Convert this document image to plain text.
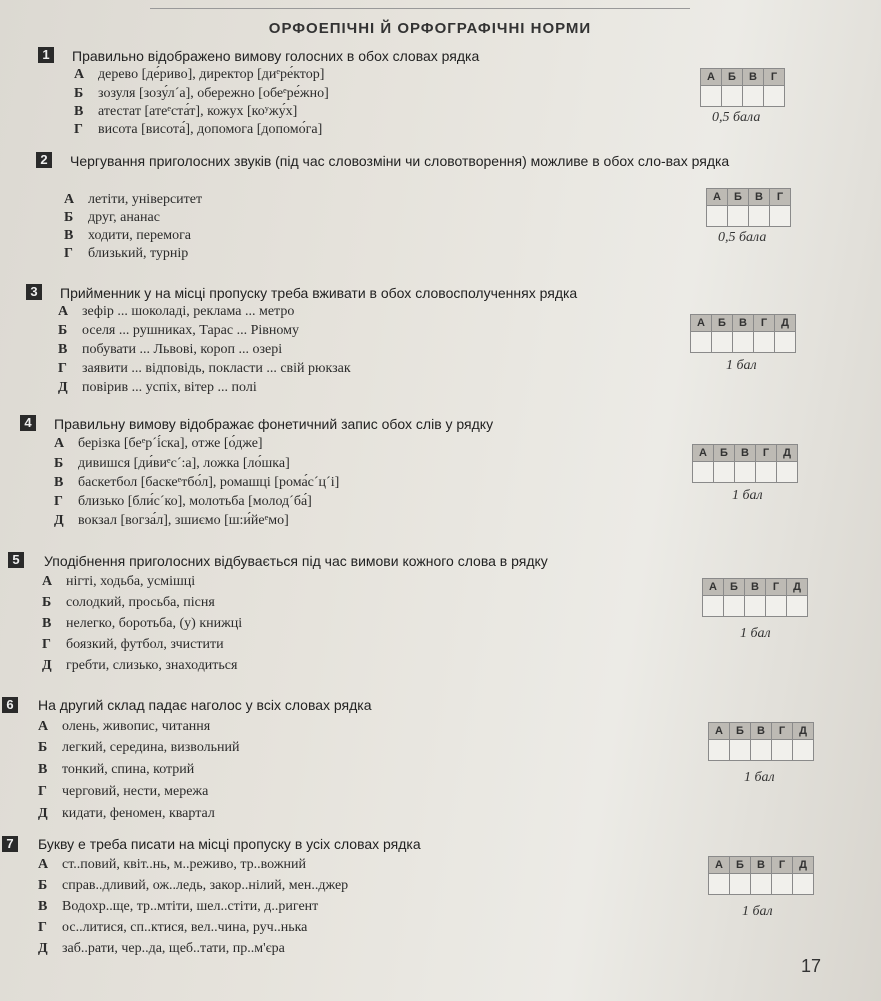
ОРФОЕПІЧНІ Й ОРФОГРАФІЧНІ НОРМИ
1	Правильно відображено вимову голосних в обох словах рядка
А дерево [де́риво], директор [диᵉре́ктор]
Б зозуля [зозу́л´а], обережно [обеᵉре́жно]
В атестат [атеᵉста́т], кожух [коʸжу́х]
Г висота [висота́], допомога [допомо́га]
А	Б	В	Г

0,5 бала
2	Чергування приголосних звуків (під час словозміни чи словотворення) можливе в обох сло-вах рядка
А летіти, університет
Б друг, ананас
В ходити, перемога
Г близький, турнір
А	Б	В	Г

0,5 бала
3	Прийменник у на місці пропуску треба вживати в обох словосполученнях рядка
А зефір ... шоколаді, реклама ... метро
Б оселя ... рушниках, Тарас ... Рівному
В побувати ... Львові, короп ... озері
Г заявити ... відповідь, покласти ... свій рюкзак
Д повірив ... успіх, вітер ... полі
А	Б	В	Г	Д

1 бал
4	Правильну вимову відображає фонетичний запис обох слів у рядку
А берізка [беᵉр´і́ска], отже [о́дже]
Б дивишся [ди́виᵉс´:а], ложка [ло́шка]
В баскетбол [баскеᵉтбо́л], ромашці [рома́с´ц´і]
Г близько [бли́с´ко], молотьба [молод´ба́]
Д вокзал [вогза́л], зшиємо [ш:и́йеᵉмо]
А	Б	В	Г	Д

1 бал
5	Уподібнення приголосних відбувається під час вимови кожного слова в рядку
А нігті, ходьба, усмішці
Б солодкий, просьба, пісня
В нелегко, боротьба, (у) книжці
Г боязкий, футбол, зчистити
Д гребти, слизько, знаходиться
А	Б	В	Г	Д

1 бал
6	На другий склад падає наголос у всіх словах рядка
А олень, живопис, читання
Б легкий, середина, визвольний
В тонкий, спина, котрий
Г черговий, нести, мережа
Д кидати, феномен, квартал
А	Б	В	Г	Д

1 бал
7	Букву е треба писати на місці пропуску в усіх словах рядка
А ст..повий, квіт..нь, м..реживо, тр..вожний
Б справ..дливий, ож..ледь, закор..нілий, мен..джер
В Водохр..ще, тр..мтіти, шел..стіти, д..ригент
Г ос..литися, сп..ктися, вел..чина, руч..нька
Д заб..рати, чер..да, щеб..тати, пр..м'єра
А	Б	В	Г	Д

1 бал
17
